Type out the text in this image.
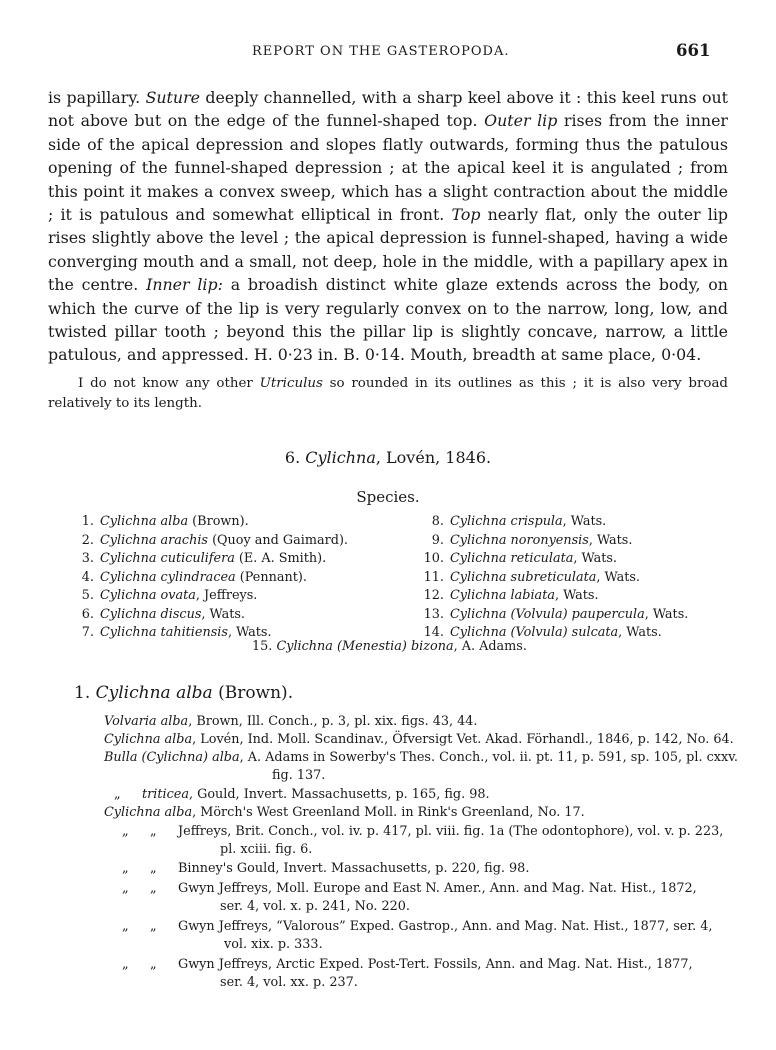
REPORT ON THE GASTEROPODA.	661

is papillary. Suture deeply channelled, with a sharp keel above it : this keel runs out not above but on the edge of the funnel-shaped top. Outer lip rises from the inner side of the apical depression and slopes flatly outwards, forming thus the patulous opening of the funnel-shaped depression ; at the apical keel it is angulated ; from this point it makes a convex sweep, which has a slight contraction about the middle ; it is patulous and somewhat elliptical in front. Top nearly flat, only the outer lip rises slightly above the level ; the apical depression is funnel-shaped, having a wide converging mouth and a small, not deep, hole in the middle, with a papillary apex in the centre. Inner lip: a broadish distinct white glaze extends across the body, on which the curve of the lip is very regularly convex on to the narrow, long, low, and twisted pillar tooth ; beyond this the pillar lip is slightly concave, narrow, a little patulous, and appressed. H. 0·23 in. B. 0·14. Mouth, breadth at same place, 0·04.

I do not know any other Utriculus so rounded in its outlines as this ; it is also very broad relatively to its length.

6. Cylichna, Lovén, 1846.
Species.
1. Cylichna alba (Brown).
2. Cylichna arachis (Quoy and Gaimard).
3. Cylichna cuticulifera (E. A. Smith).
4. Cylichna cylindracea (Pennant).
5. Cylichna ovata, Jeffreys.
6. Cylichna discus, Wats.
7. Cylichna tahitiensis, Wats.
8. Cylichna crispula, Wats.
9. Cylichna noronyensis, Wats.
10. Cylichna reticulata, Wats.
11. Cylichna subreticulata, Wats.
12. Cylichna labiata, Wats.
13. Cylichna (Volvula) paupercula, Wats.
14. Cylichna (Volvula) sulcata, Wats.
15. Cylichna (Menestia) bizona, A. Adams.
1. Cylichna alba (Brown).
Volvaria alba, Brown, Ill. Conch., p. 3, pl. xix. figs. 43, 44.
Cylichna alba, Lovén, Ind. Moll. Scandinav., Öfversigt Vet. Akad. Förhandl., 1846, p. 142, No. 64.
Bulla (Cylichna) alba, A. Adams in Sowerby's Thes. Conch., vol. ii. pt. 11, p. 591, sp. 105, pl. cxxv.
fig. 137.
„ triticea, Gould, Invert. Massachusetts, p. 165, fig. 98.
Cylichna alba, Mörch's West Greenland Moll. in Rink's Greenland, No. 17.
„ „ Jeffreys, Brit. Conch., vol. iv. p. 417, pl. viii. fig. 1a (The odontophore), vol. v. p. 223,
pl. xciii. fig. 6.
„ „ Binney's Gould, Invert. Massachusetts, p. 220, fig. 98.
„ „ Gwyn Jeffreys, Moll. Europe and East N. Amer., Ann. and Mag. Nat. Hist., 1872,
ser. 4, vol. x. p. 241, No. 220.
„ „ Gwyn Jeffreys, “Valorous” Exped. Gastrop., Ann. and Mag. Nat. Hist., 1877, ser. 4,
vol. xix. p. 333.
„ „ Gwyn Jeffreys, Arctic Exped. Post-Tert. Fossils, Ann. and Mag. Nat. Hist., 1877,
ser. 4, vol. xx. p. 237.
